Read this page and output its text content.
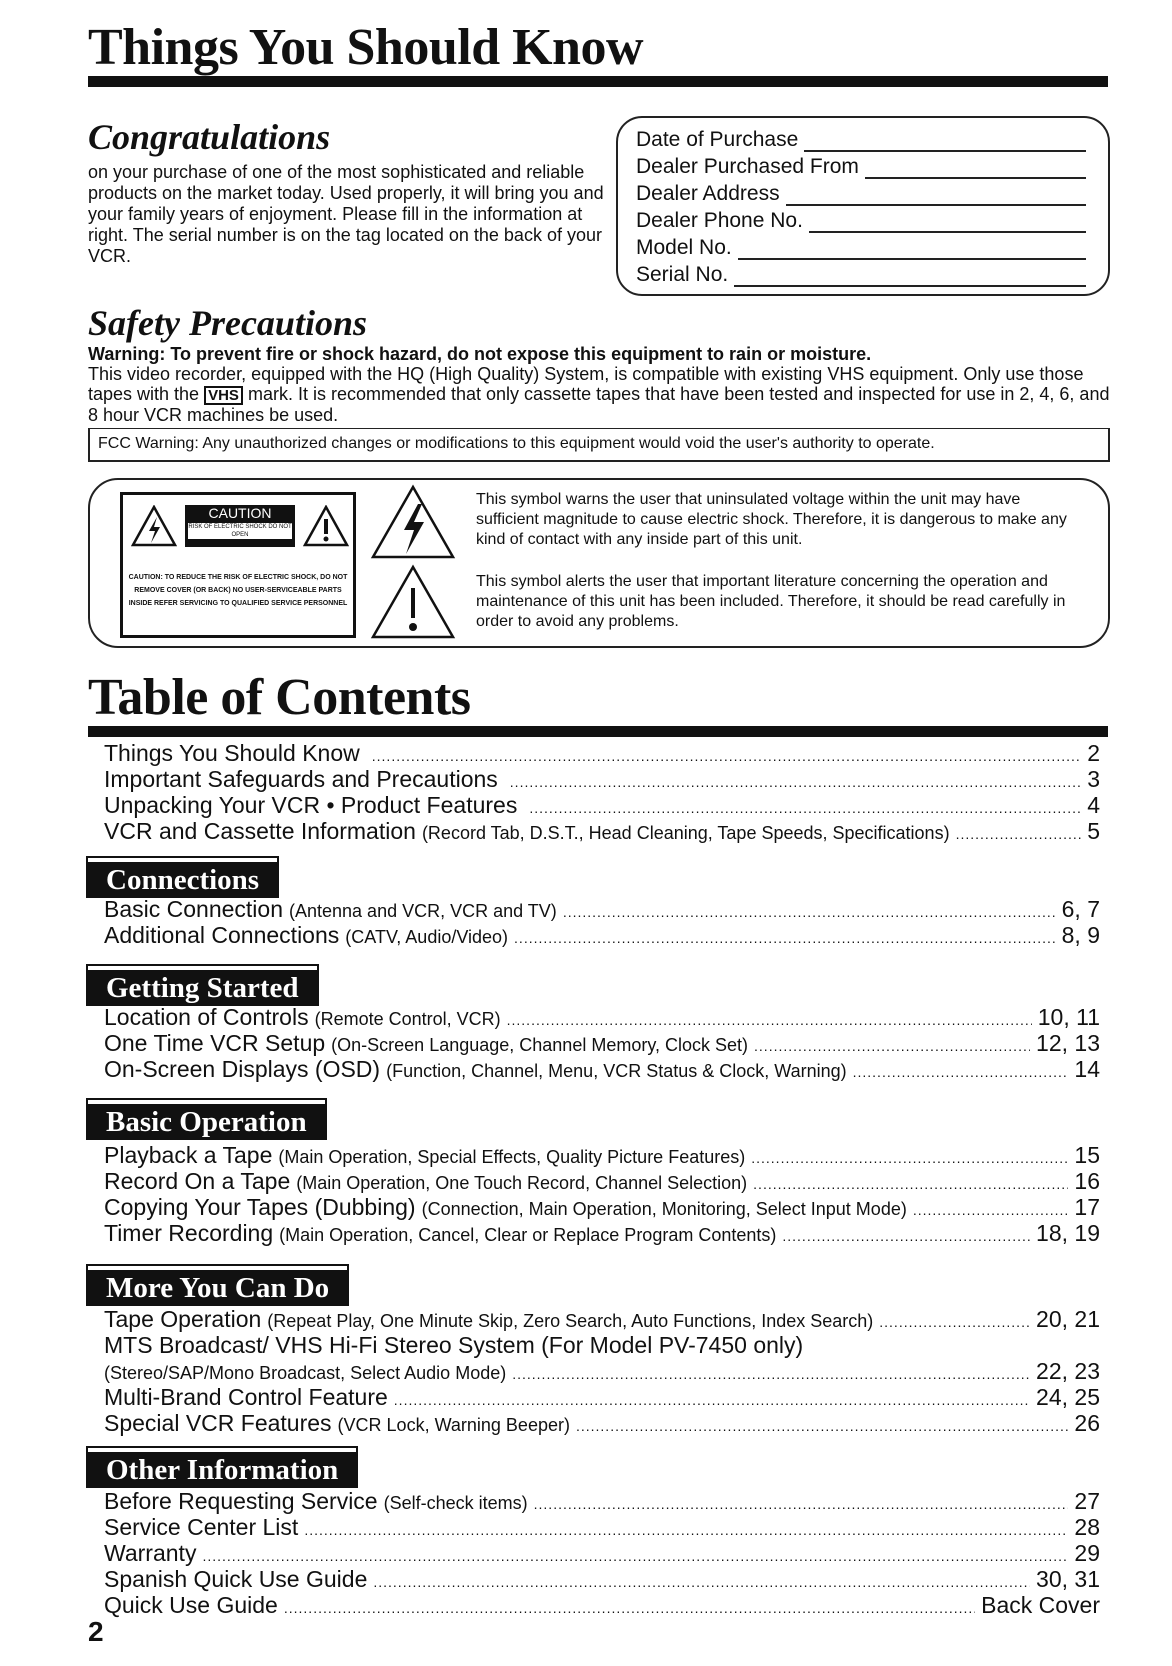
Things You Should Know
Congratulations
on your purchase of one of the most sophisticated and reliable products on the market today. Used properly, it will bring you and your family years of enjoyment. Please fill in the information at right. The serial number is on the tag located on the back of your VCR.
Date of Purchase
Dealer Purchased From
Dealer Address
Dealer Phone No.
Model No.
Serial No.
Safety Precautions
Warning: To prevent fire or shock hazard, do not expose this equipment to rain or moisture.
This video recorder, equipped with the HQ (High Quality) System, is compatible with existing VHS equipment. Only use those tapes with the VHS mark. It is recommended that only cassette tapes that have been tested and inspected for use in 2, 4, 6, and 8 hour VCR machines be used.
FCC Warning: Any unauthorized changes or modifications to this equipment would void the user's authority to operate.
CAUTION
RISK OF ELECTRIC SHOCK DO NOT OPEN
CAUTION: TO REDUCE THE RISK OF ELECTRIC SHOCK, DO NOT REMOVE COVER (OR BACK) NO USER-SERVICEABLE PARTS INSIDE REFER SERVICING TO QUALIFIED SERVICE PERSONNEL
This symbol warns the user that uninsulated voltage within the unit may have sufficient magnitude to cause electric shock. Therefore, it is dangerous to make any kind of contact with any inside part of this unit.
This symbol alerts the user that important literature concerning the operation and maintenance of this unit has been included. Therefore, it should be read carefully in order to avoid any problems.
Table of Contents
Things You Should Know .....	2
Important Safeguards and Precautions .....	3
Unpacking Your VCR • Product Features .....	4
VCR and Cassette Information (Record Tab, D.S.T., Head Cleaning, Tape Speeds, Specifications) .....	5
Connections
Basic Connection (Antenna and VCR, VCR and TV) .....	6, 7
Additional Connections (CATV, Audio/Video) .....	8, 9
Getting Started
Location of Controls (Remote Control, VCR) .....	10, 11
One Time VCR Setup (On-Screen Language, Channel Memory, Clock Set) .....	12, 13
On-Screen Displays (OSD) (Function, Channel, Menu, VCR Status & Clock, Warning) .....	14
Basic Operation
Playback a Tape (Main Operation, Special Effects, Quality Picture Features) .....	15
Record On a Tape (Main Operation, One Touch Record, Channel Selection) .....	16
Copying Your Tapes (Dubbing) (Connection, Main Operation, Monitoring, Select Input Mode) .....	17
Timer Recording (Main Operation, Cancel, Clear or Replace Program Contents) .....	18, 19
More You Can Do
Tape Operation (Repeat Play, One Minute Skip, Zero Search, Auto Functions, Index Search) .....	20, 21
MTS Broadcast/ VHS Hi-Fi Stereo System (For Model PV-7450 only)
(Stereo/SAP/Mono Broadcast, Select Audio Mode) .....	22, 23
Multi-Brand Control Feature .....	24, 25
Special VCR Features (VCR Lock, Warning Beeper) .....	26
Other Information
Before Requesting Service (Self-check items) .....	27
Service Center List .....	28
Warranty .....	29
Spanish Quick Use Guide .....	30, 31
Quick Use Guide .....	Back Cover
2
